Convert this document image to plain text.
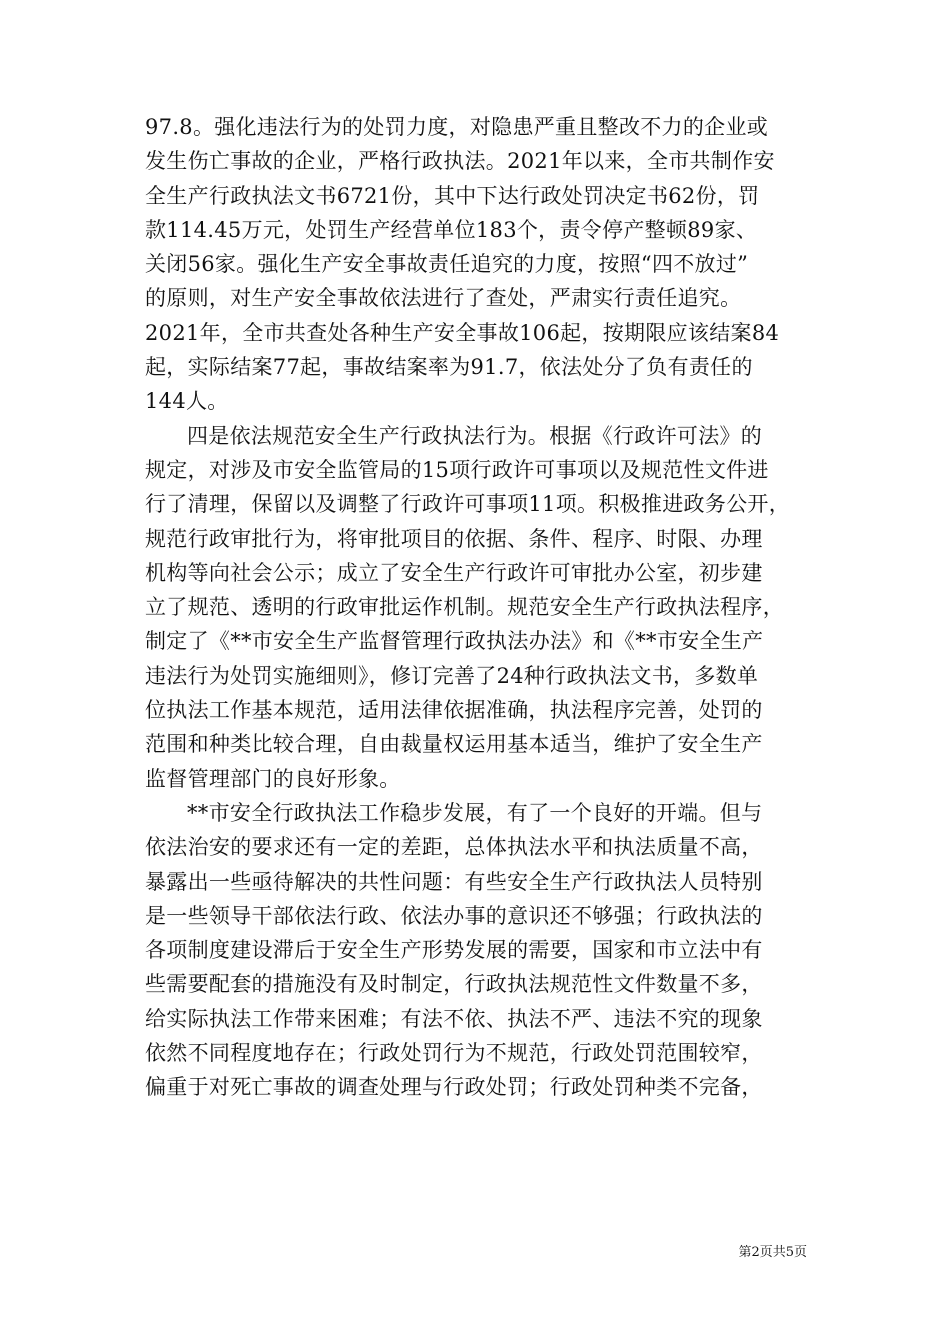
97.8。强化违法行为的处罚力度，对隐患严重且整改不力的企业或
发生伤亡事故的企业，严格行政执法。2021年以来，全市共制作安
全生产行政执法文书6721份，其中下达行政处罚决定书62份，罚
款114.45万元，处罚生产经营单位183个，责令停产整顿89家、
关闭56家。强化生产安全事故责任追究的力度，按照“四不放过”
的原则，对生产安全事故依法进行了查处，严肃实行责任追究。
2021年，全市共查处各种生产安全事故106起，按期限应该结案84
起，实际结案77起，事故结案率为91.7，依法处分了负有责任的
144人。
四是依法规范安全生产行政执法行为。根据《行政许可法》的
规定，对涉及市安全监管局的15项行政许可事项以及规范性文件进
行了清理，保留以及调整了行政许可事项11项。积极推进政务公开，
规范行政审批行为，将审批项目的依据、条件、程序、时限、办理
机构等向社会公示；成立了安全生产行政许可审批办公室，初步建
立了规范、透明的行政审批运作机制。规范安全生产行政执法程序，
制定了《**市安全生产监督管理行政执法办法》和《**市安全生产
违法行为处罚实施细则》，修订完善了24种行政执法文书，多数单
位执法工作基本规范，适用法律依据准确，执法程序完善，处罚的
范围和种类比较合理，自由裁量权运用基本适当，维护了安全生产
监督管理部门的良好形象。
**市安全行政执法工作稳步发展，有了一个良好的开端。但与
依法治安的要求还有一定的差距，总体执法水平和执法质量不高，
暴露出一些亟待解决的共性问题：有些安全生产行政执法人员特别
是一些领导干部依法行政、依法办事的意识还不够强；行政执法的
各项制度建设滞后于安全生产形势发展的需要，国家和市立法中有
些需要配套的措施没有及时制定，行政执法规范性文件数量不多，
给实际执法工作带来困难；有法不依、执法不严、违法不究的现象
依然不同程度地存在；行政处罚行为不规范，行政处罚范围较窄，
偏重于对死亡事故的调查处理与行政处罚；行政处罚种类不完备，
第2页共5页
